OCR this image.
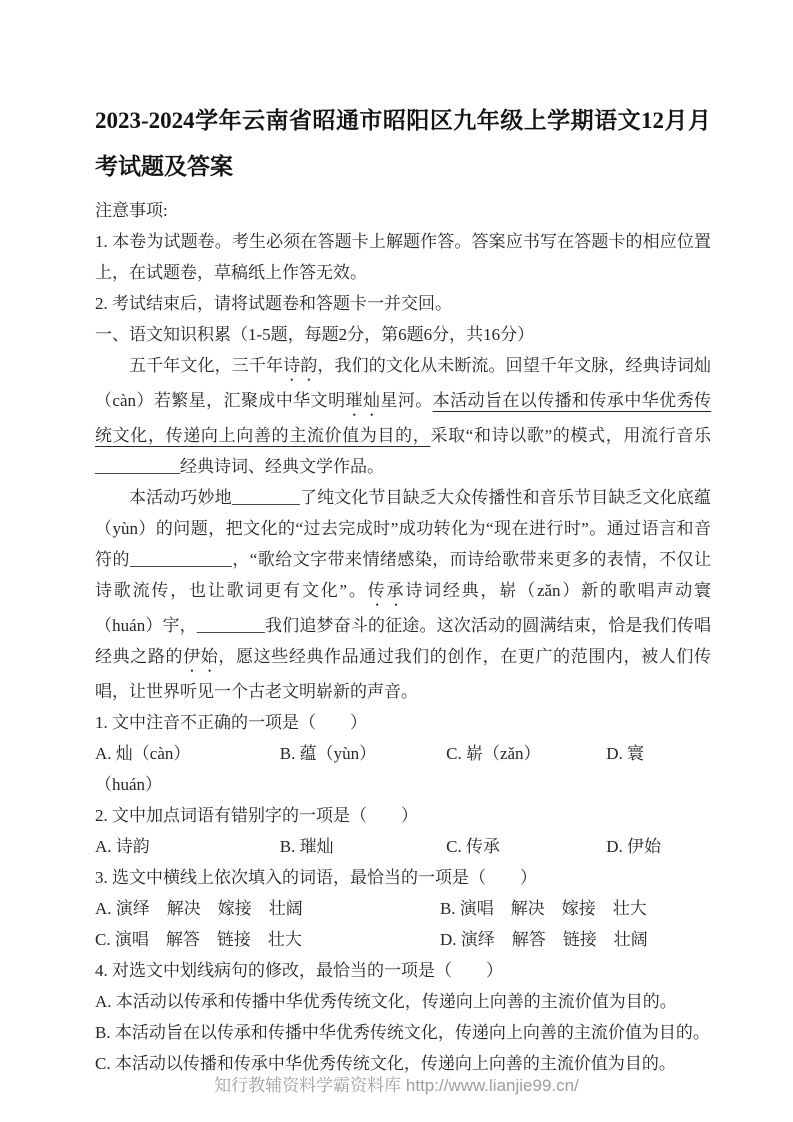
2023-2024学年云南省昭通市昭阳区九年级上学期语文12月月考试题及答案

注意事项:

1. 本卷为试题卷。考生必须在答题卡上解题作答。答案应书写在答题卡的相应位置上，在试题卷，草稿纸上作答无效。

2. 考试结束后，请将试题卷和答题卡一并交回。

一、语文知识积累（1-5题，每题2分，第6题6分，共16分）

五千年文化，三千年诗韵，我们的文化从未断流。回望千年文脉，经典诗词灿（càn）若繁星，汇聚成中华文明璀灿星河。本活动旨在以传播和传承中华优秀传统文化，传递向上向善的主流价值为目的，采取“和诗以歌”的模式，用流行音乐__________经典诗词、经典文学作品。

本活动巧妙地________了纯文化节目缺乏大众传播性和音乐节目缺乏文化底蕴（yùn）的问题，把文化的“过去完成时”成功转化为“现在进行时”。通过语言和音符的____________，“歌给文字带来情绪感染，而诗给歌带来更多的表情，不仅让诗歌流传，也让歌词更有文化”。传承诗词经典，崭（zǎn）新的歌唱声动寰（huán）宇，________我们追梦奋斗的征途。这次活动的圆满结束，恰是我们传唱经典之路的伊始，愿这些经典作品通过我们的创作，在更广的范围内，被人们传唱，让世界听见一个古老文明崭新的声音。

1. 文中注音不正确的一项是（　　）

A. 灿（càn）	B. 蕴（yùn）	C. 崭（zǎn）	D. 寰

（huán）

2. 文中加点词语有错别字的一项是（　　）

A. 诗韵	B. 璀灿	C. 传承	D. 伊始

3. 选文中横线上依次填入的词语，最恰当的一项是（　　）

A. 演绎　解决　嫁接　壮阔	B. 演唱　解决　嫁接　壮大
C. 演唱　解答　链接　壮大	D. 演绎　解答　链接　壮阔

4. 对选文中划线病句的修改，最恰当的一项是（　　）

A. 本活动以传承和传播中华优秀传统文化，传递向上向善的主流价值为目的。

B. 本活动旨在以传承和传播中华优秀传统文化，传递向上向善的主流价值为目的。

C. 本活动以传播和传承中华优秀传统文化，传递向上向善的主流价值为目的。

知行教辅资料学霸资料库 http://www.lianjie99.cn/
